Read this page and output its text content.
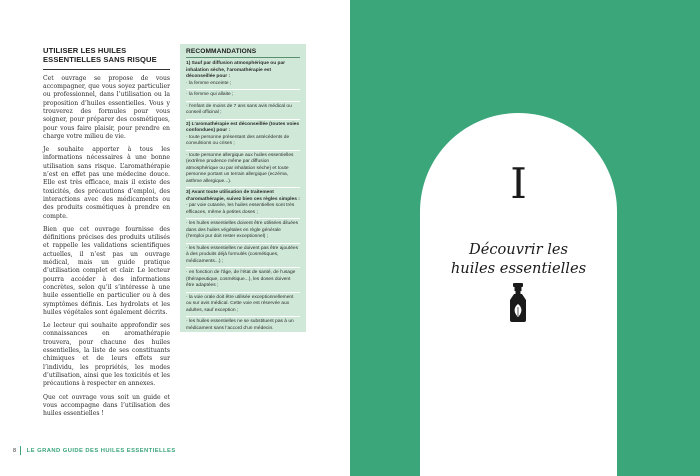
UTILISER LES HUILES ESSENTIELLES SANS RISQUE

Cet ouvrage se propose de vous accompagner, que vous soyez particulier ou professionnel, dans l’utilisation ou la proposition d’huiles essentielles. Vous y trouverez des formules pour vous soigner, pour préparer des cosmétiques, pour vous faire plaisir, pour prendre en charge votre milieu de vie.

Je souhaite apporter à tous les informations nécessaires à une bonne utilisation sans risque. L’aromathérapie n’est en effet pas une médecine douce. Elle est très efficace, mais il existe des toxicités, des précautions d’emploi, des interactions avec des médicaments ou des produits cosmétiques à prendre en compte.

Bien que cet ouvrage fournisse des définitions précises des produits utilisés et rappelle les validations scientifiques actuelles, il n’est pas un ouvrage médical, mais un guide pratique d’utilisation complet et clair. Le lecteur pourra accéder à des informations concrètes, selon qu’il s’intéresse à une huile essentielle en particulier ou à des symptômes définis. Les hydrolats et les huiles végétales sont également décrits.

Le lecteur qui souhaite approfondir ses connaissances en aromathérapie trouvera, pour chacune des huiles essentielles, la liste de ses constituants chimiques et de leurs effets sur l’individu, les propriétés, les modes d’utilisation, ainsi que les toxicités et les précautions à respecter en annexes.

Que cet ouvrage vous soit un guide et vous accompagne dans l’utilisation des huiles essentielles !

RECOMMANDATIONS
1) Sauf par diffusion atmosphérique ou par inhalation sèche, l’aromathérapie est déconseillée pour :
· la femme enceinte ;
· la femme qui allaite ;
· l’enfant de moins de 7 ans sans avis médical ou conseil officinal ;
2) L’aromathérapie est déconseillée (toutes voies confondues) pour :
· toute personne présentant des antécédents de convulsions ou crises ;
· toute personne allergique aux huiles essentielles (extrême prudence même par diffusion atmosphérique ou par inhalation sèche) et toute personne portant un terrain allergique (eczéma, asthme allergique...).
3) Avant toute utilisation de traitement d’aromathérapie, suivez bien ces règles simples :
· par voie cutanée, les huiles essentielles sont très efficaces, même à petites doses ;
· les huiles essentielles doivent être utilisées diluées dans des huiles végétales en règle générale (l’emploi pur doit rester exceptionnel) ;
· les huiles essentielles ne doivent pas être ajoutées à des produits déjà formulés (cosmétiques, médicaments...) ;
· en fonction de l’âge, de l’état de santé, de l’usage (thérapeutique, cosmétique...), les doses doivent être adaptées ;
· la voie orale doit être utilisée exceptionnellement ou sur avis médical. Cette voie est réservée aux adultes, sauf exception ;
· les huiles essentielles ne se substituent pas à un médicament sans l’accord d’un médecin.
8	LE GRAND GUIDE DES HUILES ESSENTIELLES
I
Découvrir les
huiles essentielles
